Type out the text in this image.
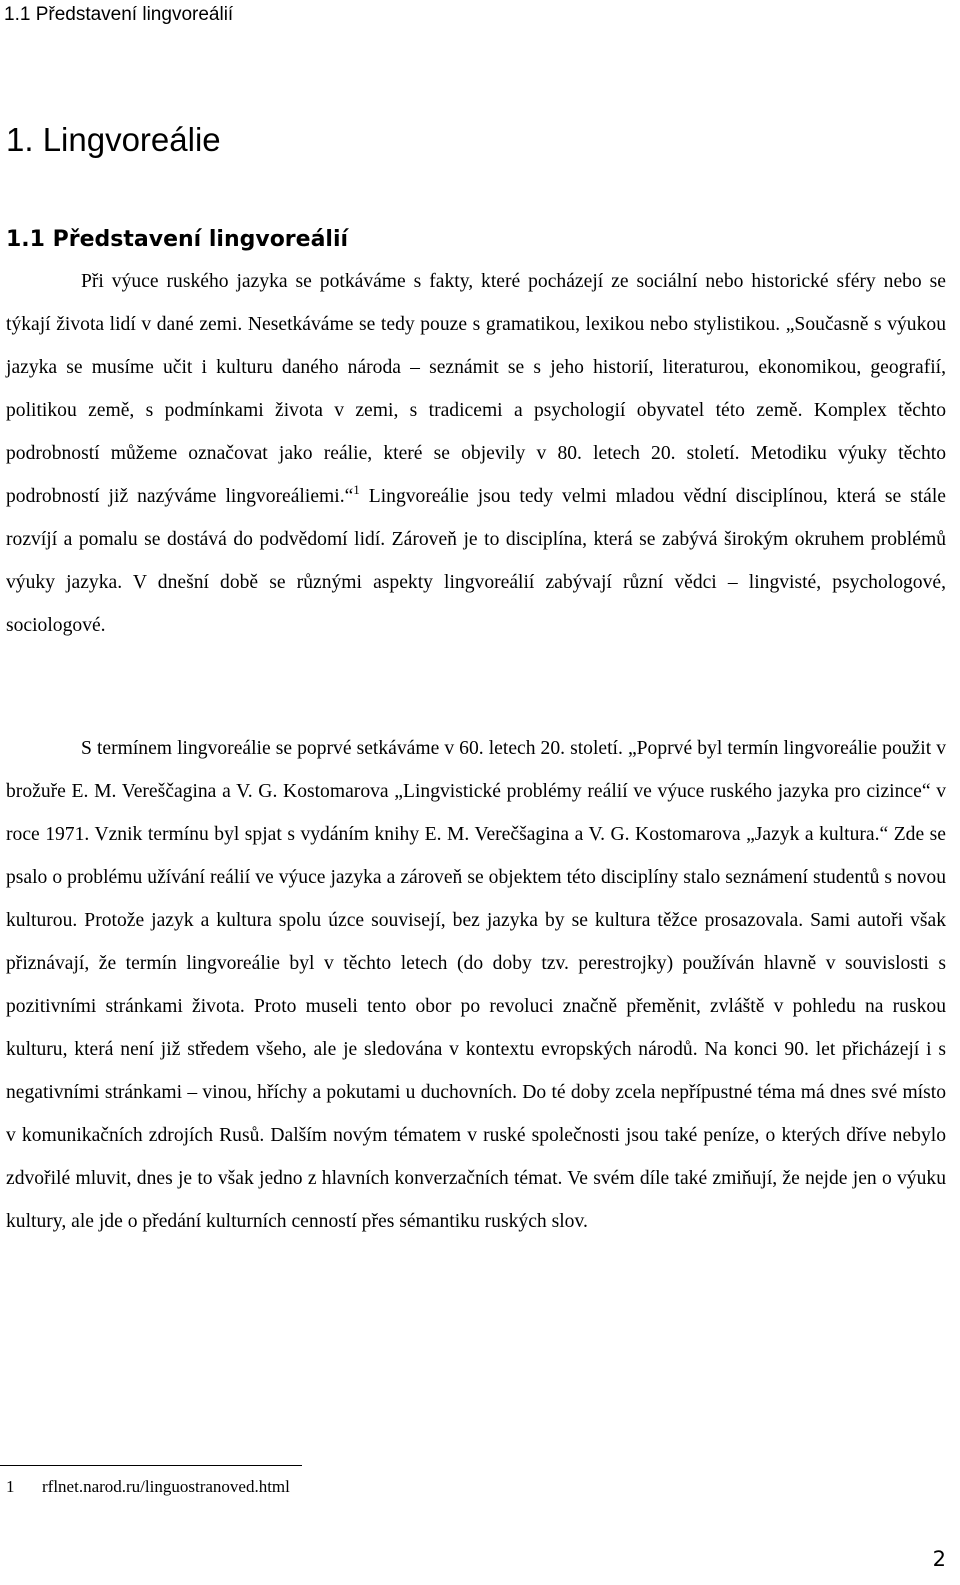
1.1 Představení lingvoreálií
1. Lingvoreálie
1.1 Představení lingvoreálií

Při výuce ruského jazyka se potkáváme s fakty, které pocházejí ze sociální nebo historické sféry nebo se týkají života lidí v dané zemi. Nesetkáváme se tedy pouze s gramatikou, lexikou nebo stylistikou. „Současně s výukou jazyka se musíme učit i kulturu daného národa – seznámit se s jeho historií, literaturou, ekonomikou, geografií, politikou země, s podmínkami života v zemi, s tradicemi a psychologií obyvatel této země. Komplex těchto podrobností můžeme označovat jako reálie, které se objevily v 80. letech 20. století. Metodiku výuky těchto podrobností již nazýváme lingvoreáliemi.“$^1$ Lingvoreálie jsou tedy velmi mladou vědní disciplínou, která se stále rozvíjí a pomalu se dostává do podvědomí lidí. Zároveň je to disciplína, která se zabývá širokým okruhem problémů výuky jazyka. V dnešní době se různými aspekty lingvoreálií zabývají různí vědci – lingvisté, psychologové, sociologové.

S termínem lingvoreálie se poprvé setkáváme v 60. letech 20. století. „Poprvé byl termín lingvoreálie použit v brožuře E. M. Vereščagina a V. G. Kostomarova „Lingvistické problémy reálií ve výuce ruského jazyka pro cizince“ v roce 1971. Vznik termínu byl spjat s vydáním knihy E. M. Verečšagina a V. G. Kostomarova „Jazyk a kultura.“ Zde se psalo o problému užívání reálií ve výuce jazyka a zároveň se objektem této disciplíny stalo seznámení studentů s novou kulturou. Protože jazyk a kultura spolu úzce souvisejí, bez jazyka by se kultura těžce prosazovala. Sami autoři však přiznávají, že termín lingvoreálie byl v těchto letech (do doby tzv. perestrojky) používán hlavně v souvislosti s pozitivními stránkami života. Proto museli tento obor po revoluci značně přeměnit, zvláště v pohledu na ruskou kulturu, která není již středem všeho, ale je sledována v kontextu evropských národů. Na konci 90. let přicházejí i s negativními stránkami – vinou, hříchy a pokutami u duchovních. Do té doby zcela nepřípustné téma má dnes své místo v komunikačních zdrojích Rusů. Dalším novým tématem v ruské společnosti jsou také peníze, o kterých dříve nebylo zdvořilé mluvit, dnes je to však jedno z hlavních konverzačních témat. Ve svém díle také zmiňují, že nejde jen o výuku kultury, ale jde o předání kulturních cenností přes sémantiku ruských slov.

1 rflnet.narod.ru/linguostranoved.html
2
